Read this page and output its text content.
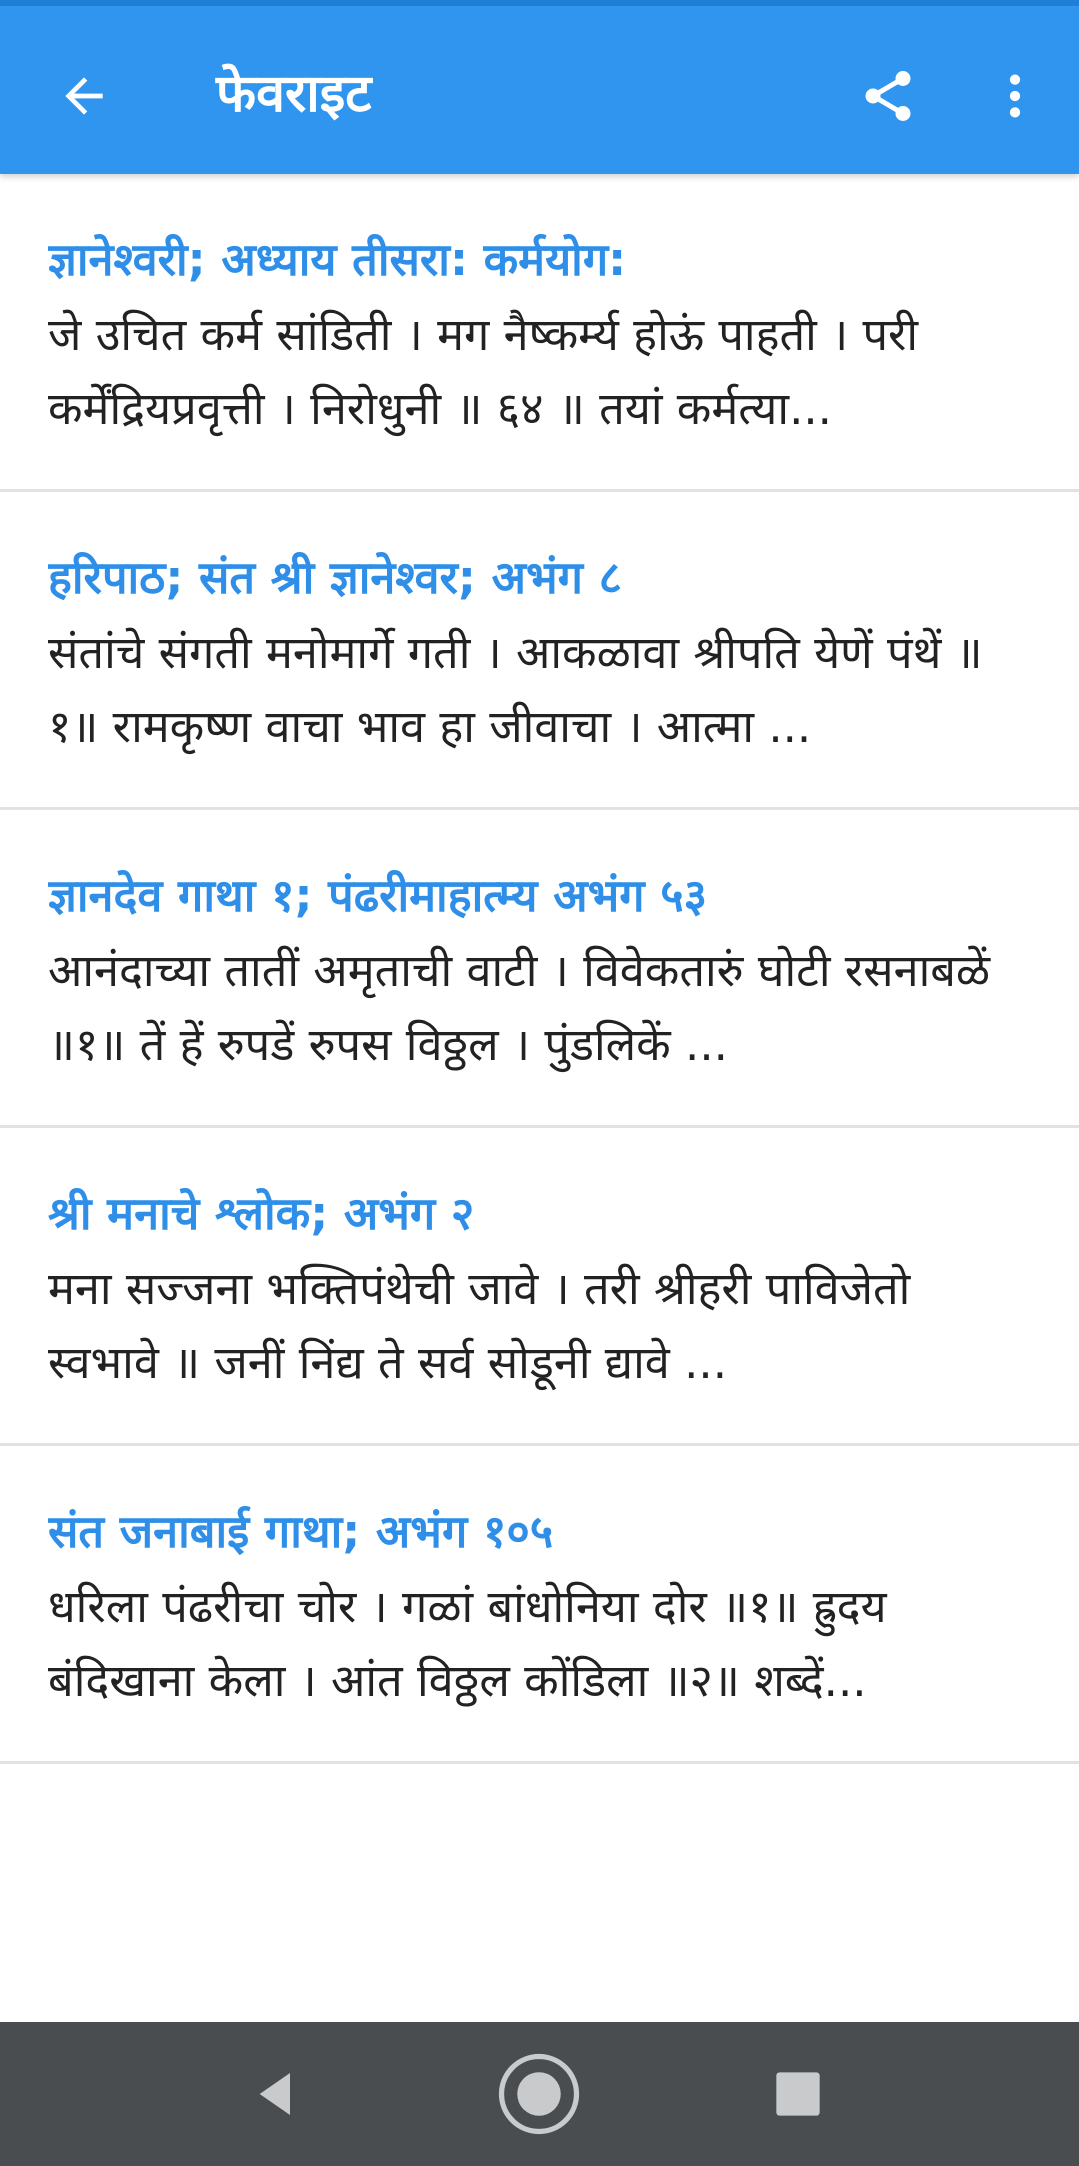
फेवराइट
ज्ञानेश्वरी; अध्याय तीसरा: कर्मयोग:
जे उचित कर्म सांडिती । मग नैष्कर्म्य होऊं पाहती । परी कर्मेंद्रियप्रवृत्ती । निरोधुनी ॥ ६४ ॥ तयां कर्मत्या...
हरिपाठ; संत श्री ज्ञानेश्वर; अभंग ८
संतांचे संगती मनोमार्गे गती । आकळावा श्रीपति येणें पंथें ॥१॥ रामकृष्ण वाचा भाव हा जीवाचा । आत्मा ...
ज्ञानदेव गाथा १; पंढरीमाहात्म्य अभंग ५३
आनंदाच्या तातीं अमृताची वाटी । विवेकतारुं घोटी रसनाबळें ॥१॥ तें हें रुपडें रुपस विठ्ठल । पुंडलिकें ...
श्री मनाचे श्लोक; अभंग २
मना सज्जना भक्तिपंथेची जावे । तरी श्रीहरी पाविजेतो स्वभावे ॥ जनीं निंद्य ते सर्व सोडूनी द्यावे ...
संत जनाबाई गाथा; अभंग १०५
धरिला पंढरीचा चोर । गळां बांधोनिया दोर ॥१॥ ह्रुदय बंदिखाना केला । आंत विठ्ठल कोंडिला ॥२॥ शब्दें...
